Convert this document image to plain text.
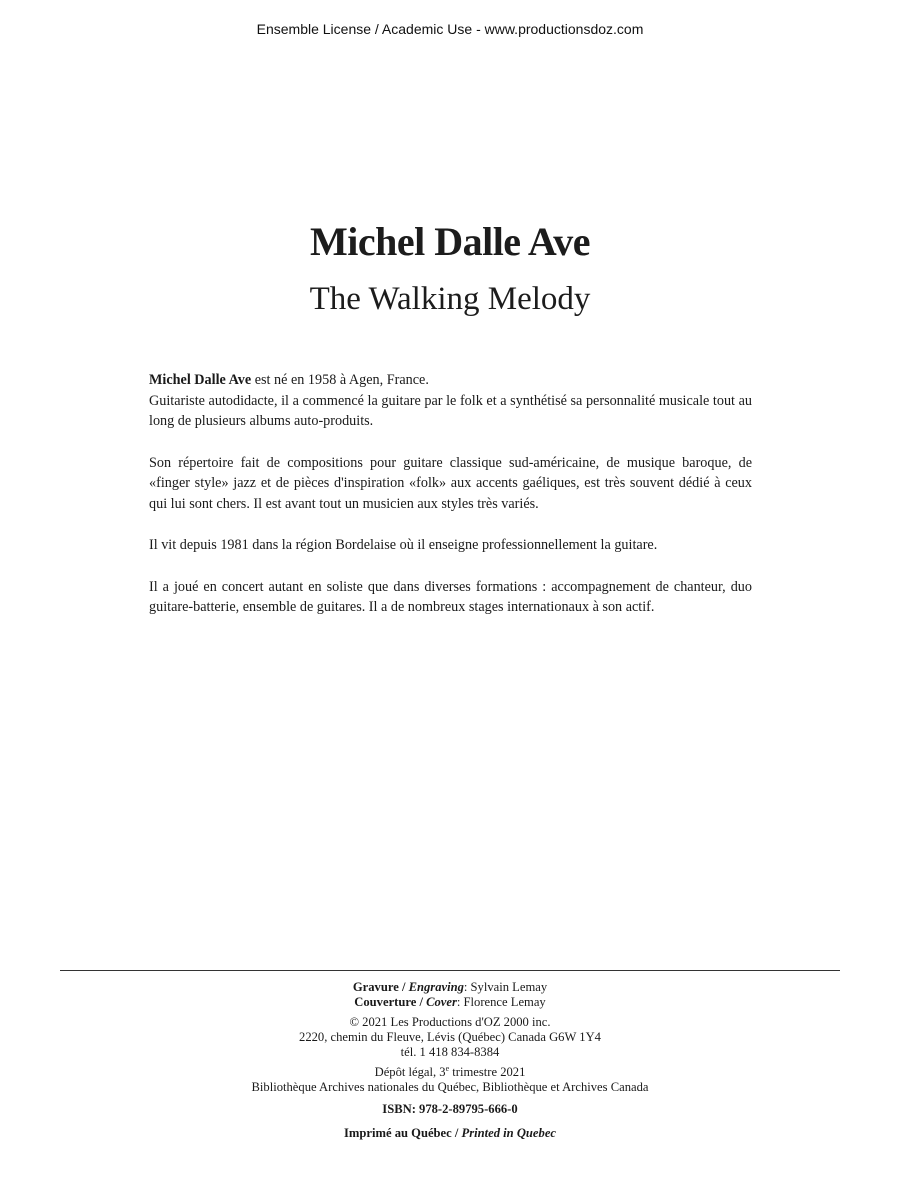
Ensemble License / Academic Use - www.productionsdoz.com
Michel Dalle Ave
The Walking Melody

Michel Dalle Ave est né en 1958 à Agen, France.
Guitariste autodidacte, il a commencé la guitare par le folk et a synthétisé sa personnalité musicale tout au long de plusieurs albums auto-produits.

Son répertoire fait de compositions pour guitare classique sud-américaine, de musique baroque, de «finger style» jazz et de pièces d'inspiration «folk» aux accents gaéliques, est très souvent dédié à ceux qui lui sont chers. Il est avant tout un musicien aux styles très variés.

Il vit depuis 1981 dans la région Bordelaise où il enseigne professionnellement la guitare.

Il a joué en concert autant en soliste que dans diverses formations : accompagnement de chanteur, duo guitare-batterie, ensemble de guitares. Il a de nombreux stages internationaux à son actif.

Gravure / Engraving: Sylvain Lemay
Couverture / Cover: Florence Lemay
© 2021 Les Productions d'OZ 2000 inc.
2220, chemin du Fleuve, Lévis (Québec) Canada G6W 1Y4
tél. 1 418 834-8384
Dépôt légal, 3e trimestre 2021
Bibliothèque Archives nationales du Québec, Bibliothèque et Archives Canada
ISBN: 978-2-89795-666-0
Imprimé au Québec / Printed in Quebec
